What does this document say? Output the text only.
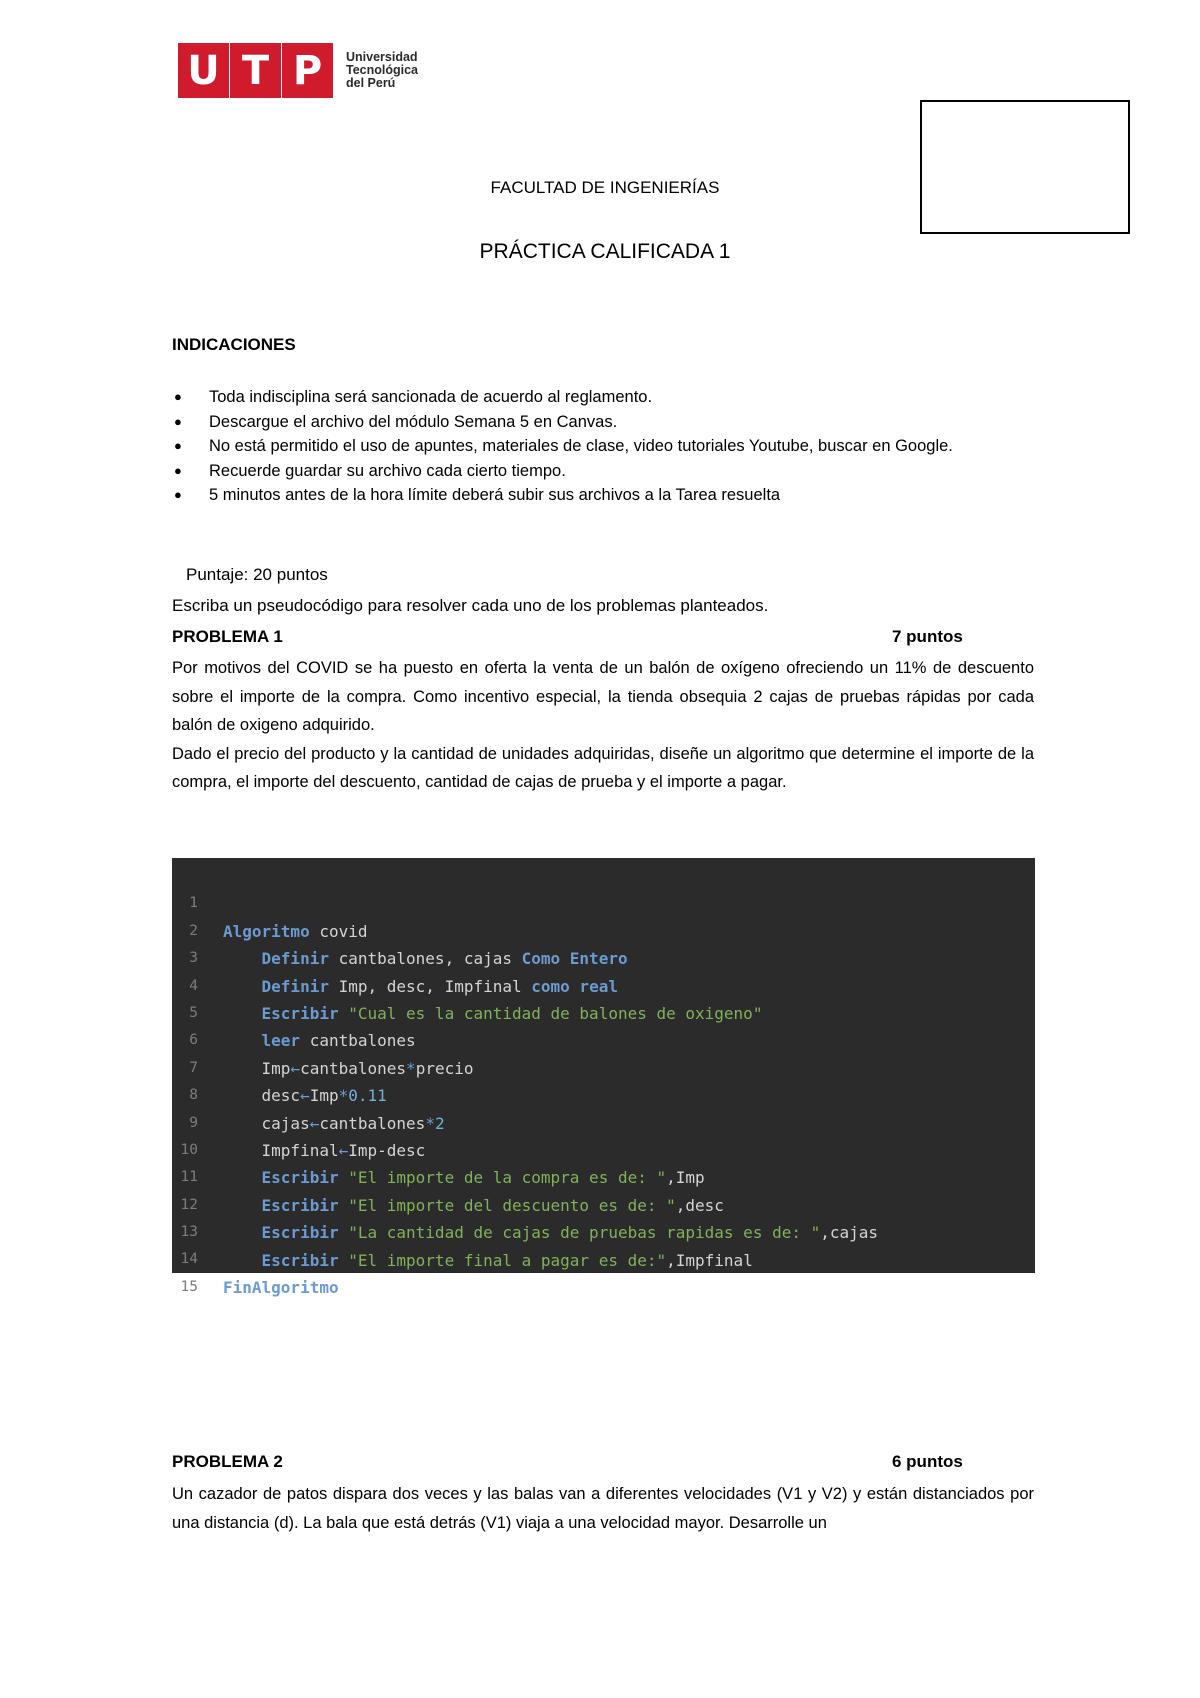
U T P	Universidad
Tecnológica
del Perú
FACULTAD DE INGENIERÍAS
PRÁCTICA CALIFICADA 1
INDICACIONES
● Toda indisciplina será sancionada de acuerdo al reglamento.
● Descargue el archivo del módulo Semana 5 en Canvas.
● No está permitido el uso de apuntes, materiales de clase, video tutoriales Youtube, buscar en Google.
● Recuerde guardar su archivo cada cierto tiempo.
● 5 minutos antes de la hora límite deberá subir sus archivos a la Tarea resuelta
Puntaje: 20 puntos
Escriba un pseudocódigo para resolver cada uno de los problemas planteados.
PROBLEMA 1	7 puntos
Por motivos del COVID se ha puesto en oferta la venta de un balón de oxígeno ofreciendo un 11% de descuento sobre el importe de la compra. Como incentivo especial, la tienda obsequia 2 cajas de pruebas rápidas por cada balón de oxigeno adquirido.
Dado el precio del producto y la cantidad de unidades adquiridas, diseñe un algoritmo que determine el importe de la compra, el importe del descuento, cantidad de cajas de prueba y el importe a pagar.

1

Algoritmo covid

2

Definir cantbalones, cajas Como Entero

3

Definir Imp, desc, Impfinal como real

4

Escribir "Cual es la cantidad de balones de oxigeno"

5

leer cantbalones

6

Imp←cantbalones*precio

7

desc←Imp*0.11

8

cajas←cantbalones*2

9

Impfinal←Imp-desc

10

Escribir "El importe de la compra es de: ",Imp

11

Escribir "El importe del descuento es de: ",desc

12

Escribir "La cantidad de cajas de pruebas rapidas es de: ",cajas

13

Escribir "El importe final a pagar es de:",Impfinal

14

FinAlgoritmo

15

PROBLEMA 2	6 puntos
Un cazador de patos dispara dos veces y las balas van a diferentes velocidades (V1 y V2) y están distanciados por una distancia (d). La bala que está detrás (V1) viaja a una velocidad mayor. Desarrolle un
